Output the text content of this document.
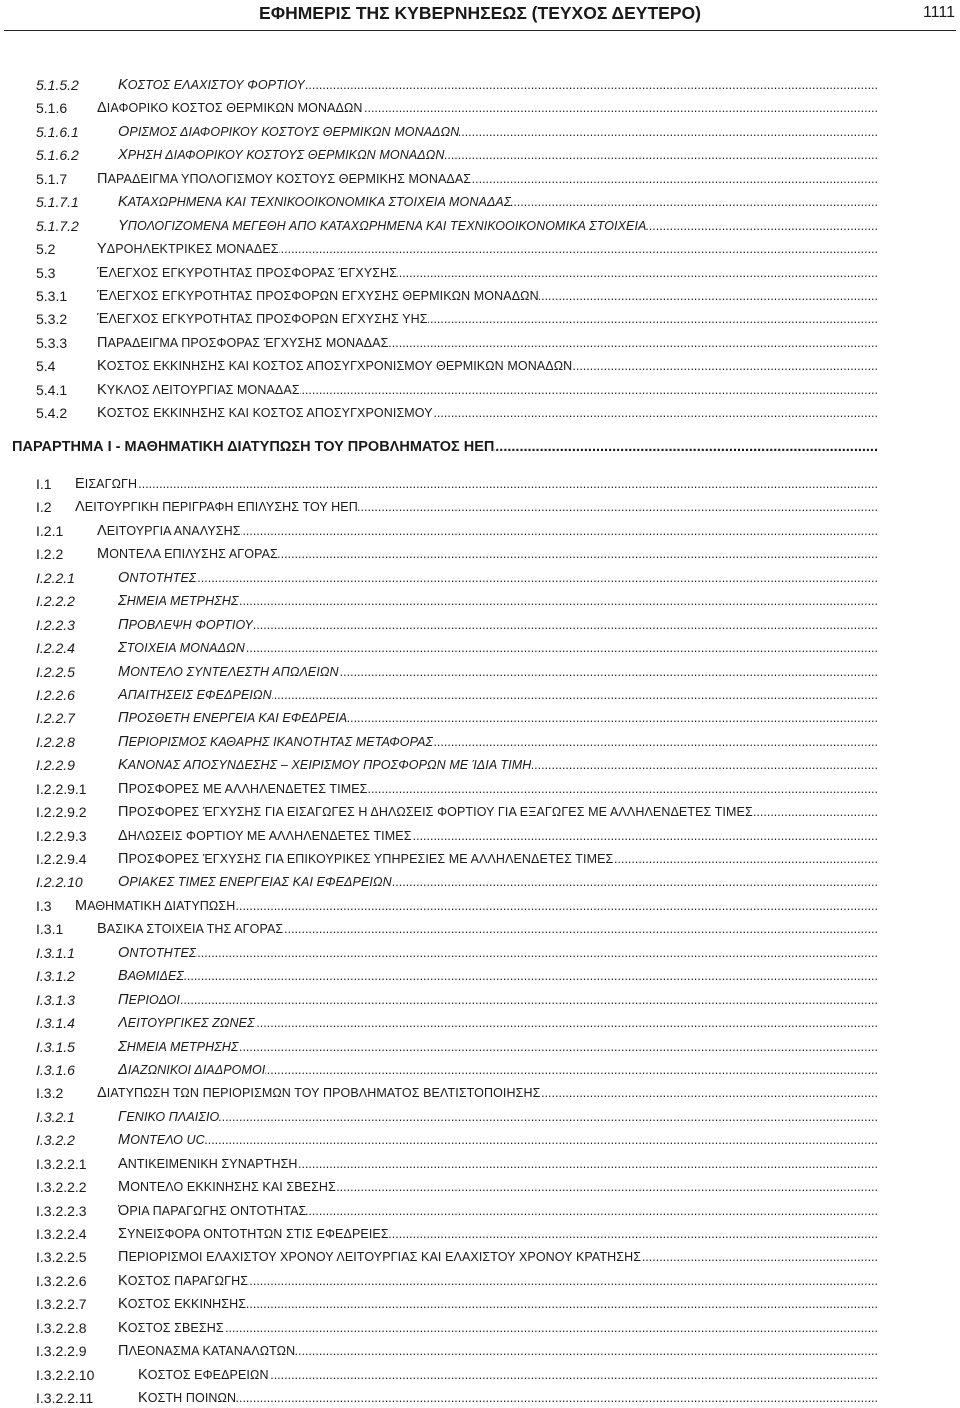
ΕΦΗΜΕΡΙΣ ΤΗΣ ΚΥΒΕΡΝΗΣΕΩΣ (ΤΕΥΧΟΣ ΔΕΥΤΕΡΟ)	1111
5.1.5.2	ΚΟΣΤΟΣ ΕΛΑΧΙΣΤΟΥ ΦΟΡΤΙΟΥ
.....
5.1.6	ΔΙΑΦΟΡΙΚΟ ΚΟΣΤΟΣ ΘΕΡΜΙΚΩΝ ΜΟΝΑΔΩΝ
.....
5.1.6.1	ΟΡΙΣΜΟΣ ΔΙΑΦΟΡΙΚΟΥ ΚΟΣΤΟΥΣ ΘΕΡΜΙΚΩΝ ΜΟΝΑΔΩΝ
.....
5.1.6.2	ΧΡΗΣΗ ΔΙΑΦΟΡΙΚΟΥ ΚΟΣΤΟΥΣ ΘΕΡΜΙΚΩΝ ΜΟΝΑΔΩΝ
.....
5.1.7	ΠΑΡΑΔΕΙΓΜΑ ΥΠΟΛΟΓΙΣΜΟΥ ΚΟΣΤΟΥΣ ΘΕΡΜΙΚΗΣ ΜΟΝΑΔΑΣ
.....
5.1.7.1	ΚΑΤΑΧΩΡΗΜΕΝΑ ΚΑΙ ΤΕΧΝΙΚΟΟΙΚΟΝΟΜΙΚΑ ΣΤΟΙΧΕΙΑ ΜΟΝΑΔΑΣ
.....
5.1.7.2	ΥΠΟΛΟΓΙΖΟΜΕΝΑ ΜΕΓΕΘΗ ΑΠΟ ΚΑΤΑΧΩΡΗΜΕΝΑ ΚΑΙ ΤΕΧΝΙΚΟΟΙΚΟΝΟΜΙΚΑ ΣΤΟΙΧΕΙΑ
.....
5.2	ΥΔΡΟΗΛΕΚΤΡΙΚΕΣ ΜΟΝΑΔΕΣ
.....
5.3	ΈΛΕΓΧΟΣ ΕΓΚΥΡΟΤΗΤΑΣ ΠΡΟΣΦΟΡΑΣ ΈΓΧΥΣΗΣ
.....
5.3.1	ΈΛΕΓΧΟΣ ΕΓΚΥΡΟΤΗΤΑΣ ΠΡΟΣΦΟΡΩΝ ΕΓΧΥΣΗΣ ΘΕΡΜΙΚΩΝ ΜΟΝΑΔΩΝ
.....
5.3.2	ΈΛΕΓΧΟΣ ΕΓΚΥΡΟΤΗΤΑΣ ΠΡΟΣΦΟΡΩΝ ΕΓΧΥΣΗΣ ΥΗΣ
.....
5.3.3	ΠΑΡΑΔΕΙΓΜΑ ΠΡΟΣΦΟΡΑΣ ΈΓΧΥΣΗΣ ΜΟΝΑΔΑΣ
.....
5.4	ΚΟΣΤΟΣ ΕΚΚΙΝΗΣΗΣ ΚΑΙ ΚΟΣΤΟΣ ΑΠΟΣΥΓΧΡΟΝΙΣΜΟΥ ΘΕΡΜΙΚΩΝ ΜΟΝΑΔΩΝ
.....
5.4.1	ΚΥΚΛΟΣ ΛΕΙΤΟΥΡΓΙΑΣ ΜΟΝΑΔΑΣ
.....
5.4.2	ΚΟΣΤΟΣ ΕΚΚΙΝΗΣΗΣ ΚΑΙ ΚΟΣΤΟΣ ΑΠΟΣΥΓΧΡΟΝΙΣΜΟΥ
.....
ΠΑΡΑΡΤΗΜΑ I - ΜΑΘΗΜΑΤΙΚΗ ΔΙΑΤΥΠΩΣΗ ΤΟΥ ΠΡΟΒΛΗΜΑΤΟΣ ΗΕΠ
.....
I.1	ΕΙΣΑΓΩΓΗ
.....
I.2	ΛΕΙΤΟΥΡΓΙΚΗ ΠΕΡΙΓΡΑΦΗ ΕΠΙΛΥΣΗΣ ΤΟΥ ΗΕΠ
.....
I.2.1	ΛΕΙΤΟΥΡΓΙΑ ΑΝΑΛΥΣΗΣ
.....
I.2.2	ΜΟΝΤΕΛΑ ΕΠΙΛΥΣΗΣ ΑΓΟΡΑΣ
.....
I.2.2.1	ΟΝΤΟΤΗΤΕΣ
.....
I.2.2.2	ΣΗΜΕΙΑ ΜΕΤΡΗΣΗΣ
.....
I.2.2.3	ΠΡΟΒΛΕΨΗ ΦΟΡΤΙΟΥ
.....
I.2.2.4	ΣΤΟΙΧΕΙΑ ΜΟΝΑΔΩΝ
.....
I.2.2.5	ΜΟΝΤΕΛΟ ΣΥΝΤΕΛΕΣΤΗ ΑΠΩΛΕΙΩΝ
.....
I.2.2.6	ΑΠΑΙΤΗΣΕΙΣ ΕΦΕΔΡΕΙΩΝ
.....
I.2.2.7	ΠΡΟΣΘΕΤΗ ΕΝΕΡΓΕΙΑ ΚΑΙ ΕΦΕΔΡΕΙΑ
.....
I.2.2.8	ΠΕΡΙΟΡΙΣΜΟΣ ΚΑΘΑΡΗΣ ΙΚΑΝΟΤΗΤΑΣ ΜΕΤΑΦΟΡΑΣ
.....
I.2.2.9	ΚΑΝΟΝΑΣ ΑΠΟΣΥΝΔΕΣΗΣ – ΧΕΙΡΙΣΜΟΥ ΠΡΟΣΦΟΡΩΝ ΜΕ ΊΔΙΑ ΤΙΜΗ
.....
I.2.2.9.1	ΠΡΟΣΦΟΡΕΣ ΜΕ ΑΛΛΗΛΕΝΔΕΤΕΣ ΤΙΜΕΣ
.....
I.2.2.9.2	ΠΡΟΣΦΟΡΕΣ ΈΓΧΥΣΗΣ ΓΙΑ ΕΙΣΑΓΩΓΕΣ Η ΔΗΛΩΣΕΙΣ ΦΟΡΤΙΟΥ ΓΙΑ ΕΞΑΓΩΓΕΣ ΜΕ ΑΛΛΗΛΕΝΔΕΤΕΣ ΤΙΜΕΣ
.....
I.2.2.9.3	ΔΗΛΩΣΕΙΣ ΦΟΡΤΙΟΥ ΜΕ ΑΛΛΗΛΕΝΔΕΤΕΣ ΤΙΜΕΣ
.....
I.2.2.9.4	ΠΡΟΣΦΟΡΕΣ ΈΓΧΥΣΗΣ ΓΙΑ ΕΠΙΚΟΥΡΙΚΕΣ ΥΠΗΡΕΣΙΕΣ ΜΕ ΑΛΛΗΛΕΝΔΕΤΕΣ ΤΙΜΕΣ
.....
I.2.2.10	ΟΡΙΑΚΕΣ ΤΙΜΕΣ ΕΝΕΡΓΕΙΑΣ ΚΑΙ ΕΦΕΔΡΕΙΩΝ
.....
I.3	ΜΑΘΗΜΑΤΙΚΗ ΔΙΑΤΥΠΩΣΗ
.....
I.3.1	ΒΑΣΙΚΑ ΣΤΟΙΧΕΙΑ ΤΗΣ ΑΓΟΡΑΣ
.....
I.3.1.1	ΟΝΤΟΤΗΤΕΣ
.....
I.3.1.2	ΒΑΘΜΙΔΕΣ
.....
I.3.1.3	ΠΕΡΙΟΔΟΙ
.....
I.3.1.4	ΛΕΙΤΟΥΡΓΙΚΕΣ ΖΩΝΕΣ
.....
I.3.1.5	ΣΗΜΕΙΑ ΜΕΤΡΗΣΗΣ
.....
I.3.1.6	ΔΙΑΖΩΝΙΚΟΙ ΔΙΑΔΡΟΜΟΙ
.....
I.3.2	ΔΙΑΤΥΠΩΣΗ ΤΩΝ ΠΕΡΙΟΡΙΣΜΩΝ ΤΟΥ ΠΡΟΒΛΗΜΑΤΟΣ ΒΕΛΤΙΣΤΟΠΟΙΗΣΗΣ
.....
I.3.2.1	ΓΕΝΙΚΟ ΠΛΑΙΣΙΟ
.....
I.3.2.2	ΜΟΝΤΕΛΟ UC
.....
I.3.2.2.1	ΑΝΤΙΚΕΙΜΕΝΙΚΗ ΣΥΝΑΡΤΗΣΗ
.....
I.3.2.2.2	ΜΟΝΤΕΛΟ ΕΚΚΙΝΗΣΗΣ ΚΑΙ ΣΒΕΣΗΣ
.....
I.3.2.2.3	ΌΡΙΑ ΠΑΡΑΓΩΓΗΣ ΟΝΤΟΤΗΤΑΣ
.....
I.3.2.2.4	ΣΥΝΕΙΣΦΟΡΑ ΟΝΤΟΤΗΤΩΝ ΣΤΙΣ ΕΦΕΔΡΕΙΕΣ
.....
I.3.2.2.5	ΠΕΡΙΟΡΙΣΜΟΙ ΕΛΑΧΙΣΤΟΥ ΧΡΟΝΟΥ ΛΕΙΤΟΥΡΓΙΑΣ ΚΑΙ ΕΛΑΧΙΣΤΟΥ ΧΡΟΝΟΥ ΚΡΑΤΗΣΗΣ
.....
I.3.2.2.6	ΚΟΣΤΟΣ ΠΑΡΑΓΩΓΗΣ
.....
I.3.2.2.7	ΚΟΣΤΟΣ ΕΚΚΙΝΗΣΗΣ
.....
I.3.2.2.8	ΚΟΣΤΟΣ ΣΒΕΣΗΣ
.....
I.3.2.2.9	ΠΛΕΟΝΑΣΜΑ ΚΑΤΑΝΑΛΩΤΩΝ
.....
I.3.2.2.10	ΚΟΣΤΟΣ ΕΦΕΔΡΕΙΩΝ
.....
I.3.2.2.11	ΚΟΣΤΗ ΠΟΙΝΩΝ
.....
